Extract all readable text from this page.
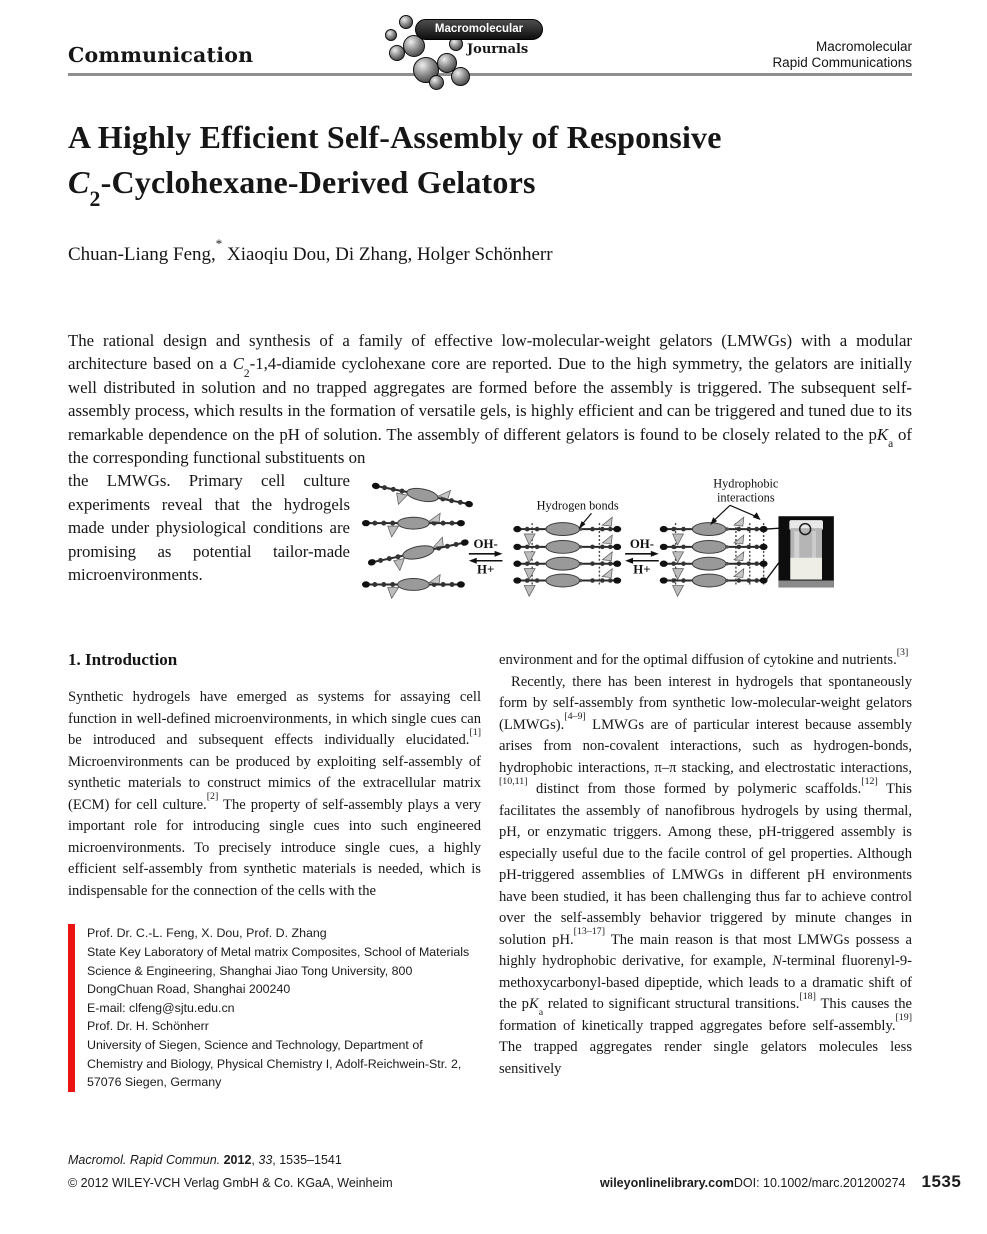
Communication
Macromolecular
Journals	Macromolecular
Rapid Communications
A Highly Efficient Self-Assembly of Responsive
$C_2-Cyclohexane$-Derived Gelators
Chuan-Liang Feng,* Xiaoqiu Dou, Di Zhang, Holger Schönherr

The rational design and synthesis of a family of effective low-molecular-weight gelators (LMWGs) with a modular architecture based on a $C_2-1,4$-diamide cyclohexane core are reported. Due to the high symmetry, the gelators are initially well distributed in solution and no trapped aggregates are formed before the assembly is triggered. The subsequent self-assembly process, which results in the formation of versatile gels, is highly efficient and can be triggered and tuned due to its remarkable dependence on the pH of solution. The assembly of different gelators is found to be closely related to the $pK_a$ of the corresponding functional substituents on

the LMWGs. Primary cell culture experiments reveal that the hydrogels made under physiological conditions are promising as potential tailor-made microenvironments.

OH-
H+
Hydrogen bonds
OH-
H+
Hydrophobic
interactions
1. Introduction

Synthetic hydrogels have emerged as systems for assaying cell function in well-defined microenvironments, in which single cues can be introduced and subsequent effects individually elucidated.[1] Microenvironments can be produced by exploiting self-assembly of synthetic materials to construct mimics of the extracellular matrix (ECM) for cell culture.[2] The property of self-assembly plays a very important role for introducing single cues into such engineered microenvironments. To precisely introduce single cues, a highly efficient self-assembly from synthetic materials is needed, which is indispensable for the connection of the cells with the

Prof. Dr. C.-L. Feng, X. Dou, Prof. D. Zhang
State Key Laboratory of Metal matrix Composites, School of Materials Science & Engineering, Shanghai Jiao Tong University, 800 DongChuan Road, Shanghai 200240
E-mail: clfeng@sjtu.edu.cn
Prof. Dr. H. Schönherr
University of Siegen, Science and Technology, Department of Chemistry and Biology, Physical Chemistry I, Adolf-Reichwein-Str. 2, 57076 Siegen, Germany

environment and for the optimal diffusion of cytokine and nutrients.[3]

Recently, there has been interest in hydrogels that spontaneously form by self-assembly from synthetic low-molecular-weight gelators (LMWGs).[4–9] LMWGs are of particular interest because assembly arises from non-covalent interactions, such as hydrogen-bonds, hydrophobic interactions, π–π stacking, and electrostatic interactions,[10,11] distinct from those formed by polymeric scaffolds.[12] This facilitates the assembly of nanofibrous hydrogels by using thermal, pH, or enzymatic triggers. Among these, pH-triggered assembly is especially useful due to the facile control of gel properties. Although pH-triggered assemblies of LMWGs in different pH environments have been studied, it has been challenging thus far to achieve control over the self-assembly behavior triggered by minute changes in solution pH.[13–17] The main reason is that most LMWGs possess a highly hydrophobic derivative, for example, N-terminal fluorenyl-9-methoxycarbonyl-based dipeptide, which leads to a dramatic shift of the $pK_a$ related to significant structural transitions.[18] This causes the formation of kinetically trapped aggregates before self-assembly.[19] The trapped aggregates render single gelators molecules less sensitively

Macromol. Rapid Commun. 2012, 33, 1535–1541
© 2012 WILEY-VCH Verlag GmbH & Co. KGaA, Weinheim	wileyonlinelibrary.com DOI: 10.1002/marc.201200274 1535
